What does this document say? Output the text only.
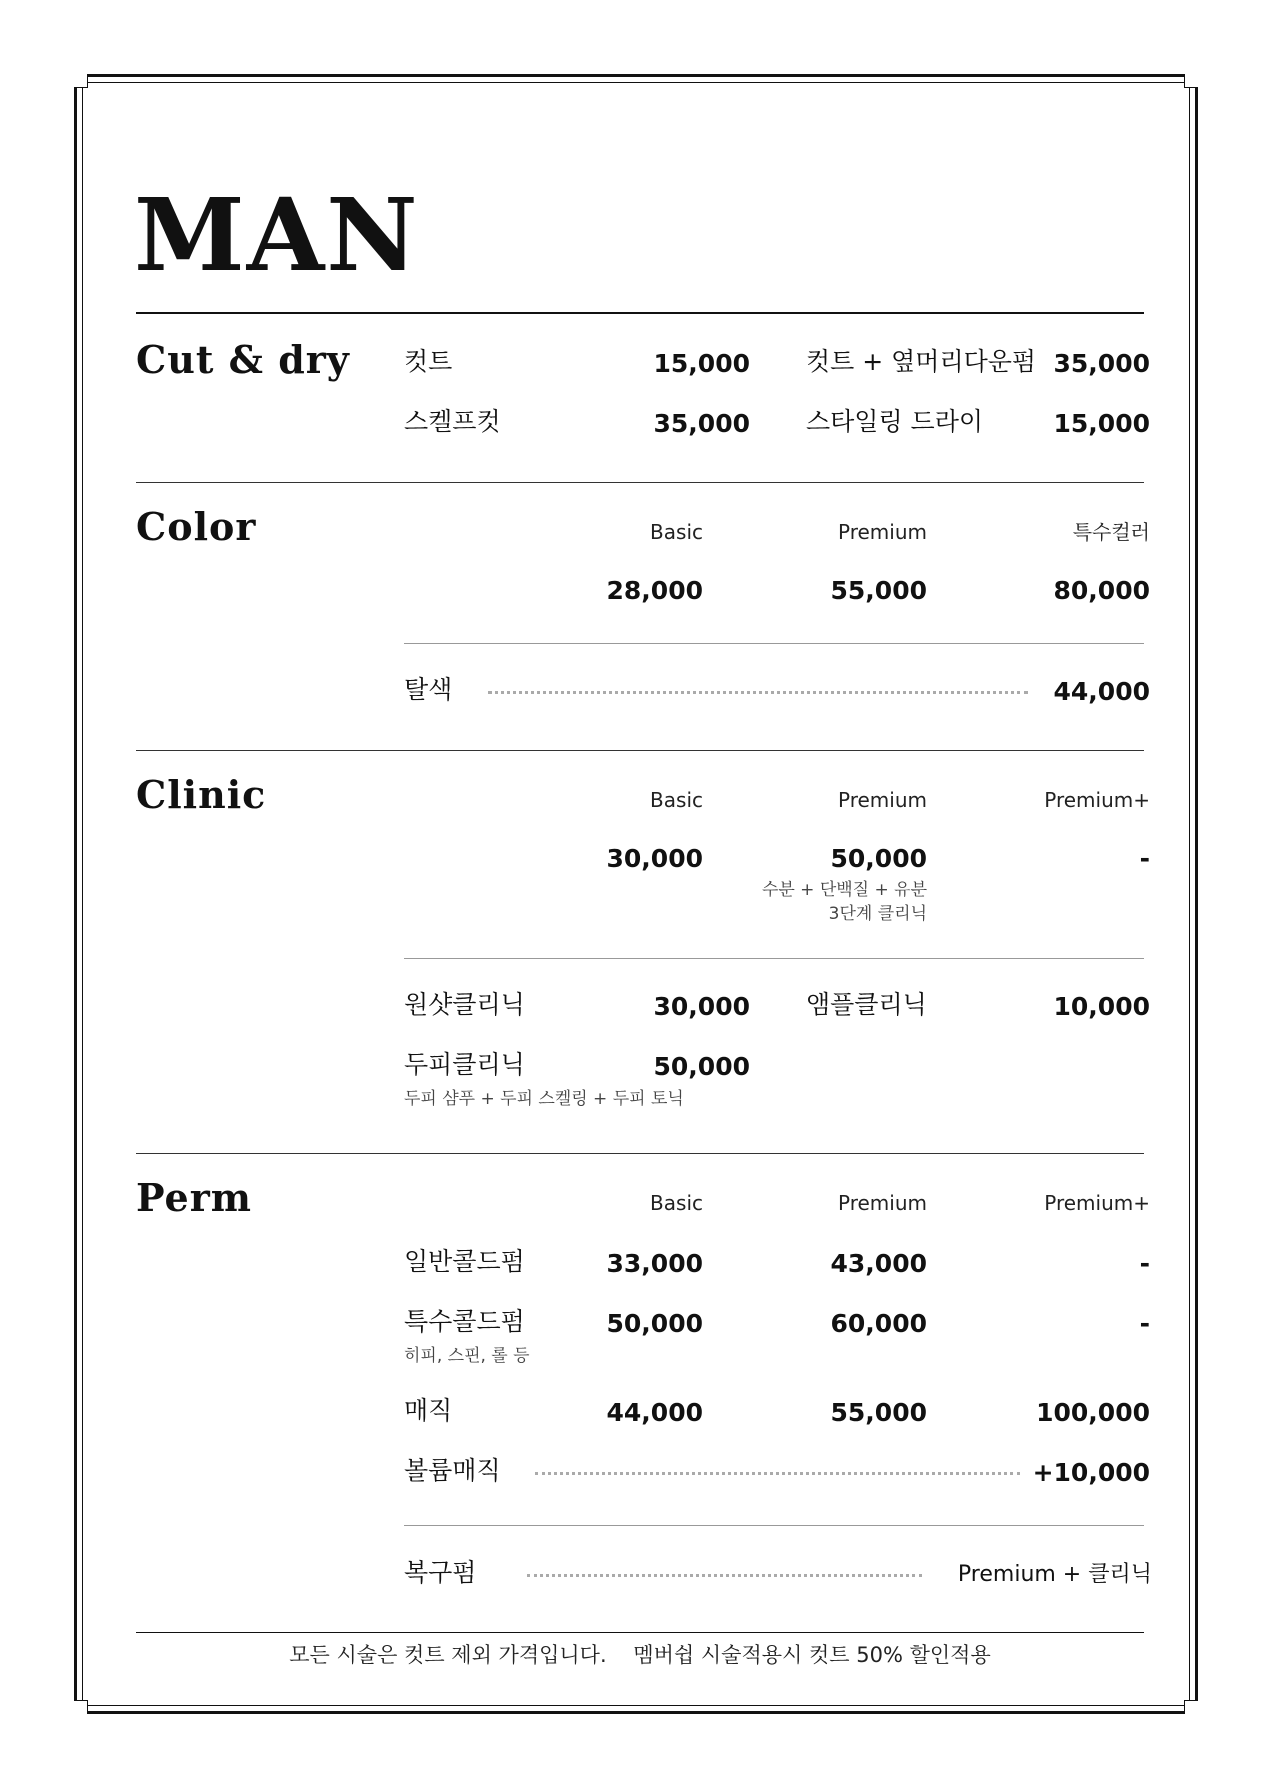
MAN
Cut & dry 컷트	15,000 컷트 + 옆머리다운펌 35,000
스켈프컷	35,000 스타일링 드라이	15,000
Color	Basic	Premium	특수컬러
28,000	55,000	80,000
탈색	44,000
Clinic	Basic	Premium	Premium+
30,000	50,000	-
수분 + 단백질 + 유분
3단계 클리닉
원샷클리닉	30,000 앰플클리닉	10,000
두피클리닉	50,000
두피 샴푸 + 두피 스켈링 + 두피 토닉
Perm	Basic	Premium	Premium+
일반콜드펌	33,000	43,000	-
특수콜드펌	50,000	60,000	-
히피, 스핀, 롤 등
매직	44,000	55,000	100,000
볼륨매직	+10,000
복구펌	Premium + 클리닉
모든 시술은 컷트 제외 가격입니다.    멤버쉽 시술적용시 컷트 50% 할인적용
